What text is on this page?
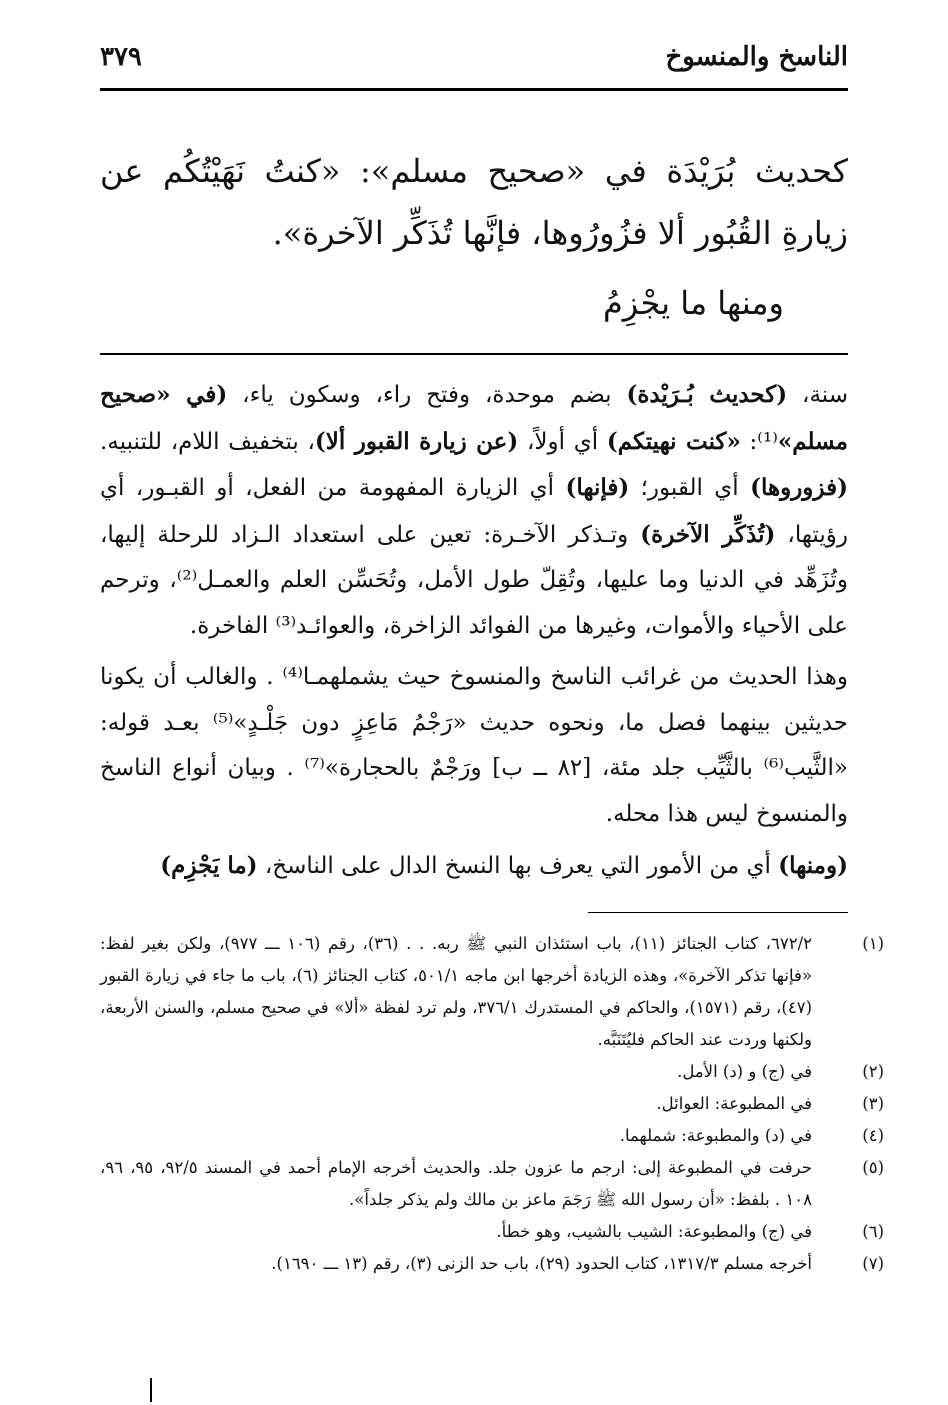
الناسخ والمنسوخ
٣٧٩

كحديث بُرَيْدَة في «صحيح مسلم»: «كنتُ نَهَيْتُكُم عن زيارةِ القُبُور ألا فزُورُوها، فإنَّها تُذَكِّر الآخرة».

ومنها ما يجْزِمُ

سنة، (كحديث بُـرَيْدة) بضم موحدة، وفتح راء، وسكون ياء، (في «صحيح مسلم»⁽¹⁾: «كنت نهيتكم) أي أولاً، (عن زيارة القبور ألا)، بتخفيف اللام، للتنبيه. (فزوروها) أي القبور؛ (فإنها) أي الزيارة المفهومة من الفعل، أو القبـور، أي رؤيتها، (تُذَكِّر الآخرة) وتـذكر الآخـرة: تعين على استعداد الـزاد للرحلة إليها، وتُزَهِّد في الدنيا وما عليها، وتُقِلّ طول الأمل، وتُحَسِّن العلم والعمـل⁽²⁾، وترحم على الأحياء والأموات، وغيرها من الفوائد الزاخرة، والعوائـد⁽³⁾ الفاخرة.

وهذا الحديث من غرائب الناسخ والمنسوخ حيث يشملهمـا⁽⁴⁾ . والغالب أن يكونا حديثين بينهما فصل ما، ونحوه حديث «رَجْمُ مَاعِزٍ دون جَلْـدٍ»⁽⁵⁾ بعـد قوله: «الثَّيب⁽⁶⁾ بالثَّيِّب جلد مئة، [٨٢ ــ ب] ورَجْمٌ بالحجارة»⁽⁷⁾ . وبيان أنواع الناسخ والمنسوخ ليس هذا محله.

(ومنها) أي من الأمور التي يعرف بها النسخ الدال على الناسخ، (ما يَجْزِم)

(١)٦٧٢/٢، كتاب الجنائز (١١)، باب استئذان النبي ﷺ ربه. . . (٣٦)، رقم (١٠٦ ـــ ٩٧٧)، ولكن بغير لفظ: «فإنها تذكر الآخرة»، وهذه الزيادة أخرجها ابن ماجه ٥٠١/١، كتاب الجنائز (٦)، باب ما جاء في زيارة القبور (٤٧)، رقم (١٥٧١)، والحاكم في المستدرك ٣٧٦/١، ولم ترد لفظة «ألا» في صحيح مسلم، والسنن الأربعة، ولكنها وردت عند الحاكم فليُتَنَبَّه.
(٢)في (ج) و (د) الأمل.
(٣)في المطبوعة: العوائل.
(٤)في (د) والمطبوعة: شملهما.
(٥)حرفت في المطبوعة إلى: ارجم ما عزون جلد. والحديث أخرجه الإمام أحمد في المسند ٩٢/٥، ٩٥، ٩٦، ١٠٨ . بلفظ: «أن رسول الله ﷺ رَجَمَ ماعز بن مالك ولم يذكر جلداً».
(٦)في (ج) والمطبوعة: الشيب بالشيب، وهو خطأ.
(٧)أخرجه مسلم ١٣١٧/٣، كتاب الحدود (٢٩)، باب حد الزنى (٣)، رقم (١٣ ـــ ١٦٩٠).
